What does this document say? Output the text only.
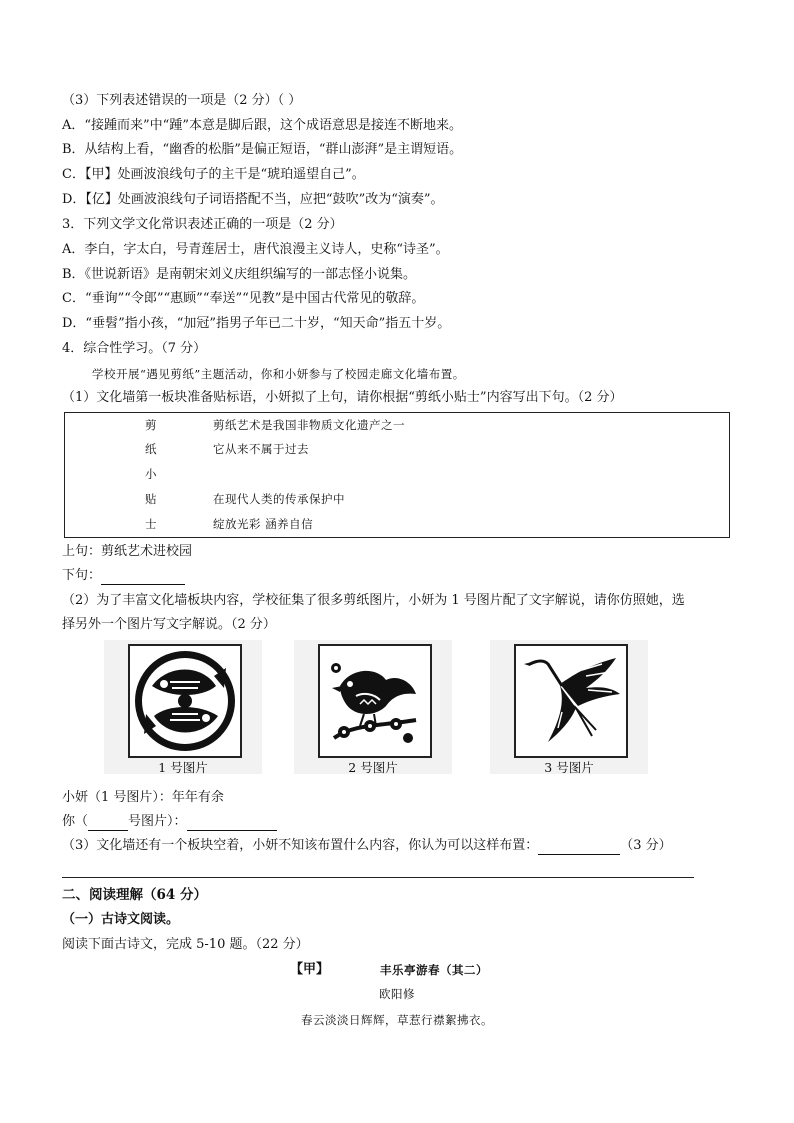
（3）下列表述错误的一项是（2 分）（ ）
A．“接踵而来”中“踵”本意是脚后跟，这个成语意思是接连不断地来。
B．从结构上看，“幽香的松脂”是偏正短语，“群山澎湃”是主谓短语。
C．【甲】处画波浪线句子的主干是“琥珀遥望自己”。
D．【亿】处画波浪线句子词语搭配不当，应把“鼓吹”改为“演奏”。
3．下列文学文化常识表述正确的一项是（2 分）
A．李白，字太白，号青莲居士，唐代浪漫主义诗人，史称“诗圣”。
B．《世说新语》是南朝宋刘义庆组织编写的一部志怪小说集。
C．“垂询”“令郎”“惠顾”“奉送”“见教”是中国古代常见的敬辞。
D．“垂髫”指小孩，“加冠”指男子年已二十岁，“知天命”指五十岁。
4．综合性学习。（7 分）
学校开展“遇见剪纸”主题活动，你和小妍参与了校园走廊文化墙布置。
（1）文化墙第一板块准备贴标语，小妍拟了上句，请你根据“剪纸小贴士”内容写出下句。（2 分）
剪	剪纸艺术是我国非物质文化遗产之一
纸	它从来不属于过去
小
贴	在现代人类的传承保护中
士	绽放光彩 涵养自信
上句：剪纸艺术进校园
下句：
（2）为了丰富文化墙板块内容，学校征集了很多剪纸图片，小妍为 1 号图片配了文字解说，请你仿照她，选
择另外一个图片写文字解说。（2 分）
1 号图片	2 号图片	3 号图片
小妍（1 号图片）：年年有余
你（	号图片）：
（3）文化墙还有一个板块空着，小妍不知该布置什么内容，你认为可以这样布置：	（3 分）
二、阅读理解（64 分）
（一）古诗文阅读。
阅读下面古诗文，完成 5-10 题。（22 分）
【甲】	丰乐亭游春（其二）
欧阳修
春云淡淡日辉辉，草惹行襟絮拂衣。
